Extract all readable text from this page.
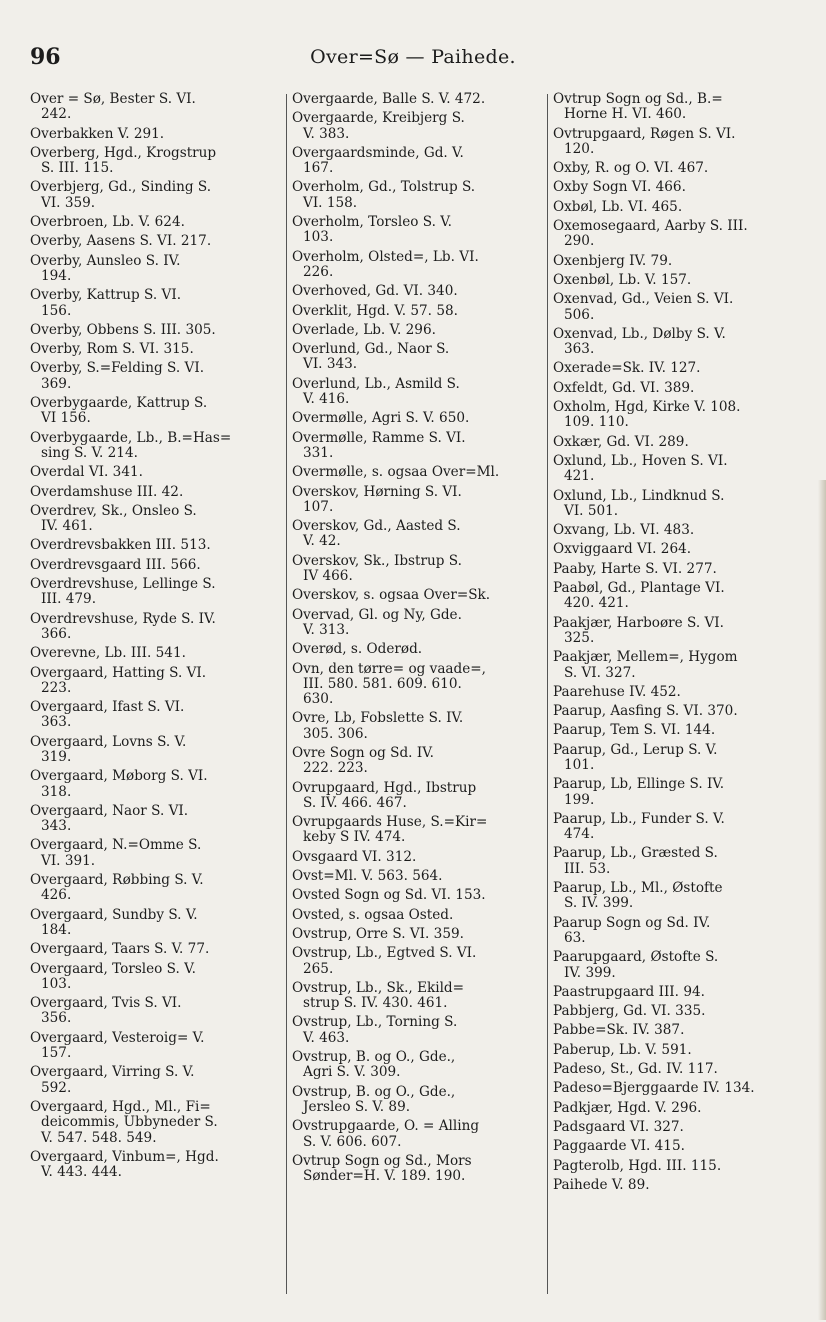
96	Over=Sø — Paihede.
Over = Sø, Bester S. VI.
242.
Overbakken V. 291.
Overberg, Hgd., Krogstrup
S. III. 115.
Overbjerg, Gd., Sinding S.
VI. 359.
Overbroen, Lb. V. 624.
Overby, Aasens S. VI. 217.
Overby, Aunsleo S. IV.
194.
Overby, Kattrup S. VI.
156.
Overby, Obbens S. III. 305.
Overby, Rom S. VI. 315.
Overby, S.=Felding S. VI.
369.
Overbygaarde, Kattrup S.
VI 156.
Overbygaarde, Lb., B.=Has=
sing S. V. 214.
Overdal VI. 341.
Overdamshuse III. 42.
Overdrev, Sk., Onsleo S.
IV. 461.
Overdrevsbakken III. 513.
Overdrevsgaard III. 566.
Overdrevshuse, Lellinge S.
III. 479.
Overdrevshuse, Ryde S. IV.
366.
Overevne, Lb. III. 541.
Overgaard, Hatting S. VI.
223.
Overgaard, Ifast S. VI.
363.
Overgaard, Lovns S. V.
319.
Overgaard, Møborg S. VI.
318.
Overgaard, Naor S. VI.
343.
Overgaard, N.=Omme S.
VI. 391.
Overgaard, Røbbing S. V.
426.
Overgaard, Sundby S. V.
184.
Overgaard, Taars S. V. 77.
Overgaard, Torsleo S. V.
103.
Overgaard, Tvis S. VI.
356.
Overgaard, Vesteroig= V.
157.
Overgaard, Virring S. V.
592.
Overgaard, Hgd., Ml., Fi=
deicommis, Ubbyneder S.
V. 547. 548. 549.
Overgaard, Vinbum=, Hgd.
V. 443. 444.
Overgaarde, Balle S. V. 472.
Overgaarde, Kreibjerg S.
V. 383.
Overgaardsminde, Gd. V.
167.
Overholm, Gd., Tolstrup S.
VI. 158.
Overholm, Torsleo S. V.
103.
Overholm, Olsted=, Lb. VI.
226.
Overhoved, Gd. VI. 340.
Overklit, Hgd. V. 57. 58.
Overlade, Lb. V. 296.
Overlund, Gd., Naor S.
VI. 343.
Overlund, Lb., Asmild S.
V. 416.
Overmølle, Agri S. V. 650.
Overmølle, Ramme S. VI.
331.
Overmølle, s. ogsaa Over=Ml.
Overskov, Hørning S. VI.
107.
Overskov, Gd., Aasted S.
V. 42.
Overskov, Sk., Ibstrup S.
IV 466.
Overskov, s. ogsaa Over=Sk.
Overvad, Gl. og Ny, Gde.
V. 313.
Overød, s. Oderød.
Ovn, den tørre= og vaade=,
III. 580. 581. 609. 610.
630.
Ovre, Lb, Fobslette S. IV.
305. 306.
Ovre Sogn og Sd. IV.
222. 223.
Ovrupgaard, Hgd., Ibstrup
S. IV. 466. 467.
Ovrupgaards Huse, S.=Kir=
keby S IV. 474.
Ovsgaard VI. 312.
Ovst=Ml. V. 563. 564.
Ovsted Sogn og Sd. VI. 153.
Ovsted, s. ogsaa Osted.
Ovstrup, Orre S. VI. 359.
Ovstrup, Lb., Egtved S. VI.
265.
Ovstrup, Lb., Sk., Ekild=
strup S. IV. 430. 461.
Ovstrup, Lb., Torning S.
V. 463.
Ovstrup, B. og O., Gde.,
Agri S. V. 309.
Ovstrup, B. og O., Gde.,
Jersleo S. V. 89.
Ovstrupgaarde, O. = Alling
S. V. 606. 607.
Ovtrup Sogn og Sd., Mors
Sønder=H. V. 189. 190.
Ovtrup Sogn og Sd., B.=
Horne H. VI. 460.
Ovtrupgaard, Røgen S. VI.
120.
Oxby, R. og O. VI. 467.
Oxby Sogn VI. 466.
Oxbøl, Lb. VI. 465.
Oxemosegaard, Aarby S. III.
290.
Oxenbjerg IV. 79.
Oxenbøl, Lb. V. 157.
Oxenvad, Gd., Veien S. VI.
506.
Oxenvad, Lb., Dølby S. V.
363.
Oxerade=Sk. IV. 127.
Oxfeldt, Gd. VI. 389.
Oxholm, Hgd, Kirke V. 108.
109. 110.
Oxkær, Gd. VI. 289.
Oxlund, Lb., Hoven S. VI.
421.
Oxlund, Lb., Lindknud S.
VI. 501.
Oxvang, Lb. VI. 483.
Oxviggaard VI. 264.
Paaby, Harte S. VI. 277.
Paabøl, Gd., Plantage VI.
420. 421.
Paakjær, Harboøre S. VI.
325.
Paakjær, Mellem=, Hygom
S. VI. 327.
Paarehuse IV. 452.
Paarup, Aasfing S. VI. 370.
Paarup, Tem S. VI. 144.
Paarup, Gd., Lerup S. V.
101.
Paarup, Lb, Ellinge S. IV.
199.
Paarup, Lb., Funder S. V.
474.
Paarup, Lb., Græsted S.
III. 53.
Paarup, Lb., Ml., Østofte
S. IV. 399.
Paarup Sogn og Sd. IV.
63.
Paarupgaard, Østofte S.
IV. 399.
Paastrupgaard III. 94.
Pabbjerg, Gd. VI. 335.
Pabbe=Sk. IV. 387.
Paberup, Lb. V. 591.
Padeso, St., Gd. IV. 117.
Padeso=Bjerggaarde IV. 134.
Padkjær, Hgd. V. 296.
Padsgaard VI. 327.
Paggaarde VI. 415.
Pagterolb, Hgd. III. 115.
Paihede V. 89.
